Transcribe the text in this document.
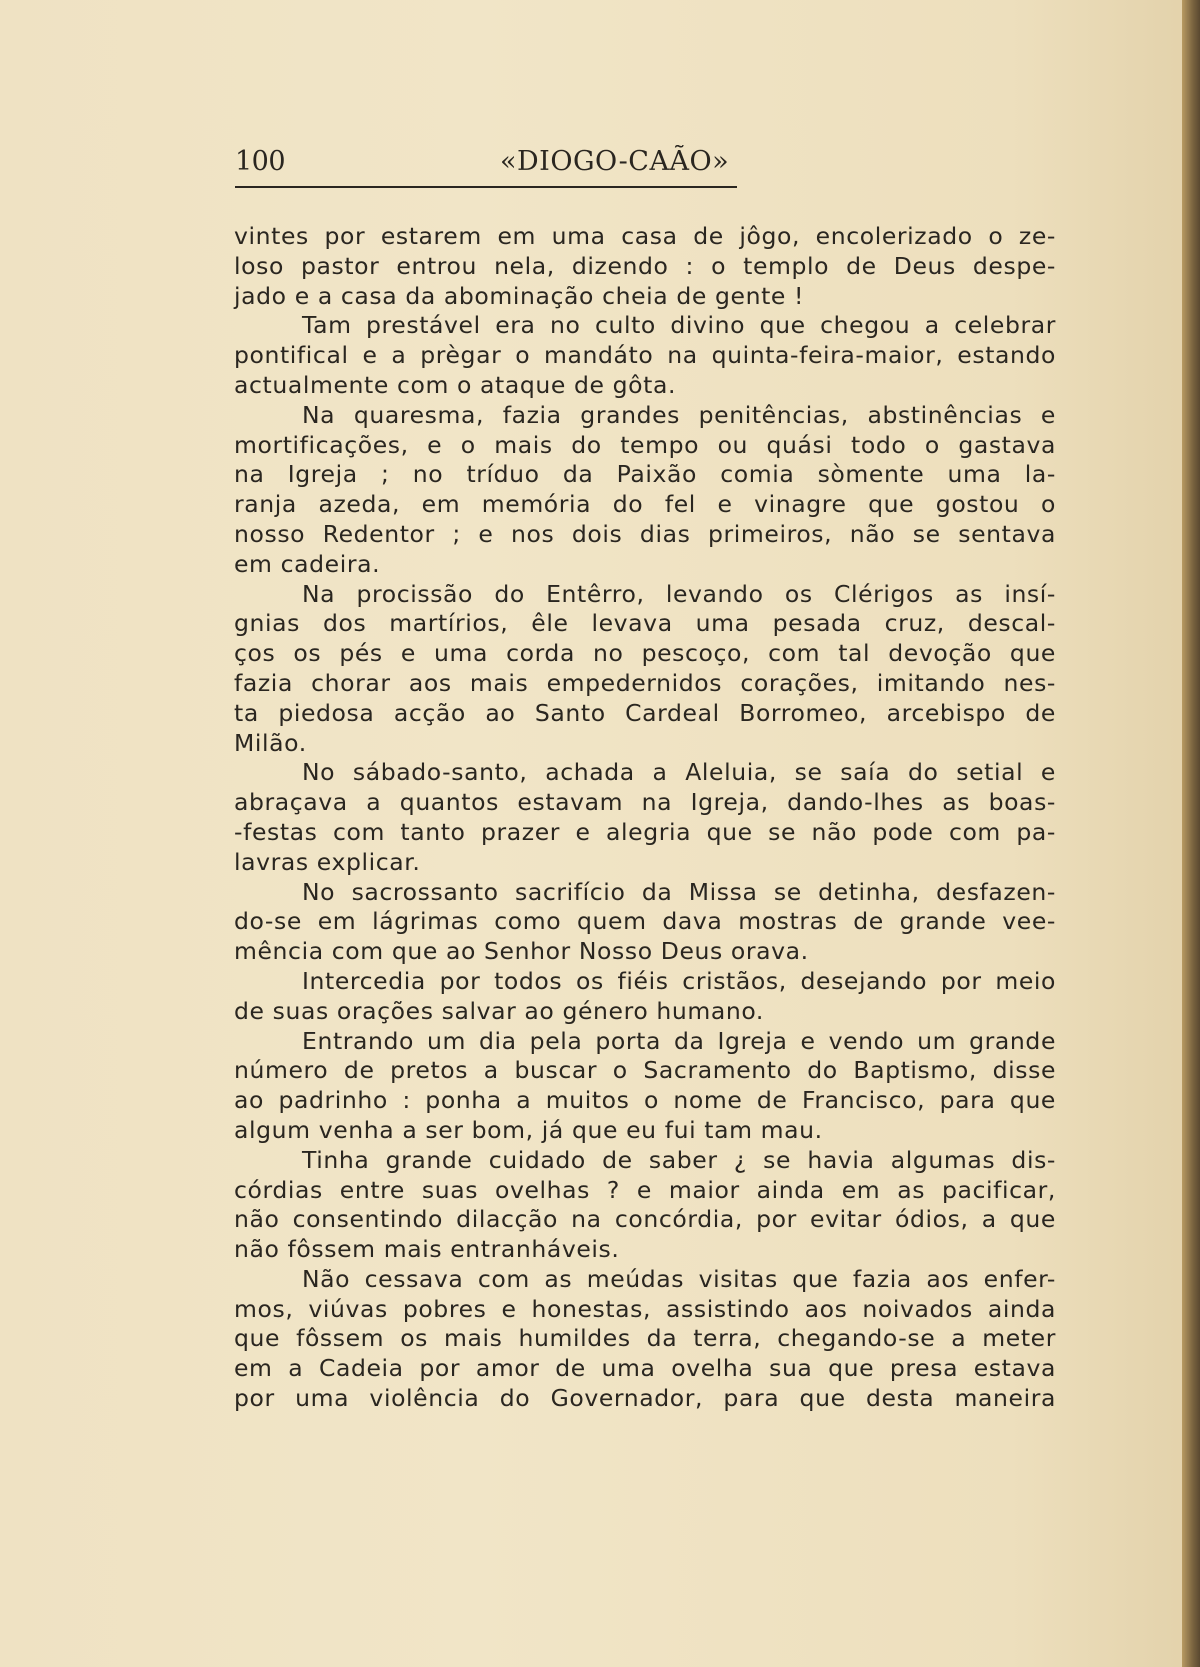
100	«DIOGO-CAÃO»
vintes por estarem em uma casa de jôgo, encolerizado o ze-
loso pastor entrou nela, dizendo : o templo de Deus despe-
jado e a casa da abominação cheia de gente !
Tam prestável era no culto divino que chegou a celebrar
pontifical e a prègar o mandáto na quinta-feira-maior, estando
actualmente com o ataque de gôta.
Na quaresma, fazia grandes penitências, abstinências e
mortificações, e o mais do tempo ou quási todo o gastava
na Igreja ; no tríduo da Paixão comia sòmente uma la-
ranja azeda, em memória do fel e vinagre que gostou o
nosso Redentor ; e nos dois dias primeiros, não se sentava
em cadeira.
Na procissão do Entêrro, levando os Clérigos as insí-
gnias dos martírios, êle levava uma pesada cruz, descal-
ços os pés e uma corda no pescoço, com tal devoção que
fazia chorar aos mais empedernidos corações, imitando nes-
ta piedosa acção ao Santo Cardeal Borromeo, arcebispo de
Milão.
No sábado-santo, achada a Aleluia, se saía do setial e
abraçava a quantos estavam na Igreja, dando-lhes as boas-
-festas com tanto prazer e alegria que se não pode com pa-
lavras explicar.
No sacrossanto sacrifício da Missa se detinha, desfazen-
do-se em lágrimas como quem dava mostras de grande vee-
mência com que ao Senhor Nosso Deus orava.
Intercedia por todos os fiéis cristãos, desejando por meio
de suas orações salvar ao género humano.
Entrando um dia pela porta da Igreja e vendo um grande
número de pretos a buscar o Sacramento do Baptismo, disse
ao padrinho : ponha a muitos o nome de Francisco, para que
algum venha a ser bom, já que eu fui tam mau.
Tinha grande cuidado de saber ¿ se havia algumas dis-
córdias entre suas ovelhas ? e maior ainda em as pacificar,
não consentindo dilacção na concórdia, por evitar ódios, a que
não fôssem mais entranháveis.
Não cessava com as meúdas visitas que fazia aos enfer-
mos, viúvas pobres e honestas, assistindo aos noivados ainda
que fôssem os mais humildes da terra, chegando-se a meter
em a Cadeia por amor de uma ovelha sua que presa estava
por uma violência do Governador, para que desta maneira
